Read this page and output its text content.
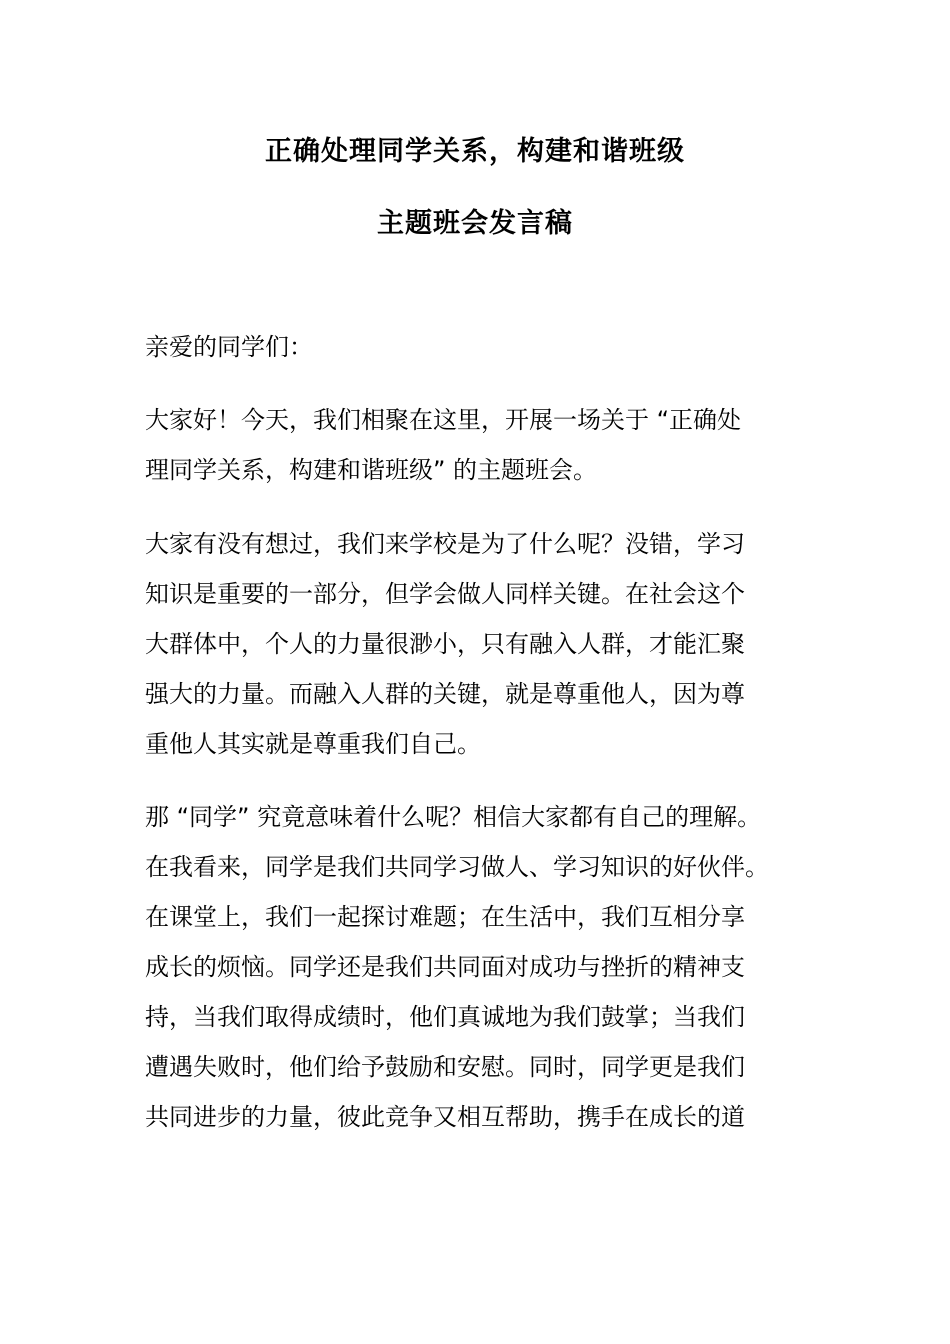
正确处理同学关系，构建和谐班级
主题班会发言稿
亲爱的同学们：
大家好！今天，我们相聚在这里，开展一场关于 “正确处
理同学关系，构建和谐班级” 的主题班会。
大家有没有想过，我们来学校是为了什么呢？没错，学习
知识是重要的一部分，但学会做人同样关键。在社会这个
大群体中，个人的力量很渺小，只有融入人群，才能汇聚
强大的力量。而融入人群的关键，就是尊重他人，因为尊
重他人其实就是尊重我们自己。
那 “同学” 究竟意味着什么呢？相信大家都有自己的理解。
在我看来，同学是我们共同学习做人、学习知识的好伙伴。
在课堂上，我们一起探讨难题；在生活中，我们互相分享
成长的烦恼。同学还是我们共同面对成功与挫折的精神支
持，当我们取得成绩时，他们真诚地为我们鼓掌；当我们
遭遇失败时，他们给予鼓励和安慰。同时，同学更是我们
共同进步的力量，彼此竞争又相互帮助，携手在成长的道
